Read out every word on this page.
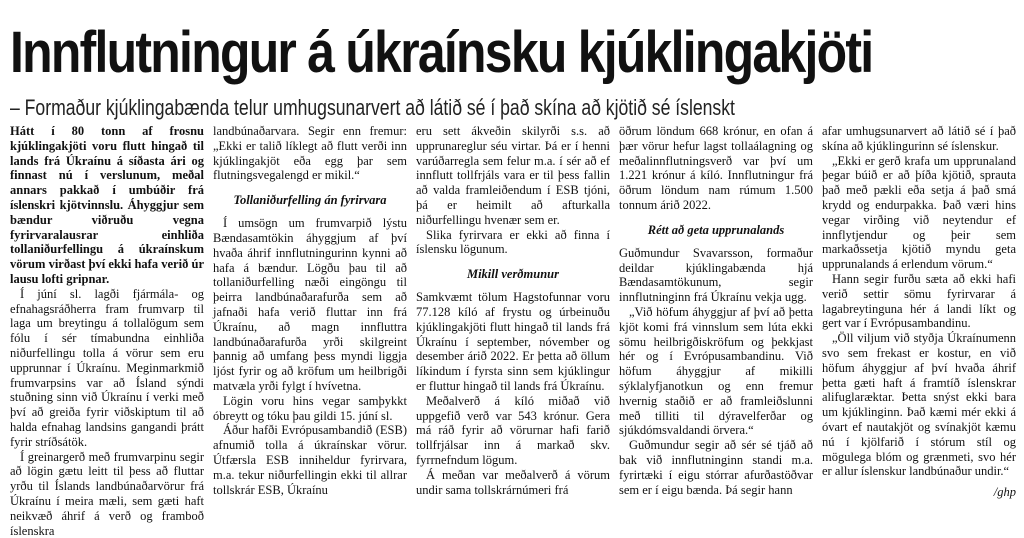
Innflutningur á úkraínsku kjúklingakjöti
– Formaður kjúklingabænda telur umhugsunarvert að látið sé í það skína að kjötið sé íslenskt

Hátt í 80 tonn af frosnu kjúklingakjöti voru flutt hingað til lands frá Úkraínu á síðasta ári og finnast nú í verslunum, meðal annars pakkað í umbúðir frá íslenskri kjötvinnslu. Áhyggjur sem bændur viðruðu vegna fyrirvaralausrar einhliða tollaniðurfellingu á úkraínskum vörum virðast því ekki hafa verið úr lausu lofti gripnar.

Í júní sl. lagði fjármála- og efnahagsráðherra fram frumvarp til laga um breytingu á tollalögum sem fólu í sér tímabundna einhliða niðurfellingu tolla á vörur sem eru upprunnar í Úkraínu. Meginmarkmið frumvarpsins var að Ísland sýndi stuðning sinn við Úkraínu í verki með því að greiða fyrir viðskiptum til að halda efnahag landsins gangandi þrátt fyrir stríðsátök.

Í greinargerð með frumvarpinu segir að lögin gætu leitt til þess að fluttar yrðu til Íslands landbúnaðarvörur frá Úkraínu í meira mæli, sem gæti haft neikvæð áhrif á verð og framboð íslenskra

landbúnaðarvara. Segir enn fremur: „Ekki er talið líklegt að flutt verði inn kjúklingakjöt eða egg þar sem flutningsvegalengd er mikil.“

Tollaniðurfelling án fyrirvara

Í umsögn um frumvarpið lýstu Bændasamtökin áhyggjum af því hvaða áhrif innflutningurinn kynni að hafa á bændur. Lögðu þau til að tollaniðurfelling næði eingöngu til þeirra landbúnaðarafurða sem að jafnaði hafa verið fluttar inn frá Úkraínu, að magn innfluttra landbúnaðarafurða yrði skilgreint þannig að umfang þess myndi liggja ljóst fyrir og að kröfum um heilbrigði matvæla yrði fylgt í hvívetna.

Lögin voru hins vegar samþykkt óbreytt og tóku þau gildi 15. júní sl.

Áður hafði Evrópusambandið (ESB) afnumið tolla á úkraínskar vörur. Útfærsla ESB inniheldur fyrirvara, m.a. tekur niðurfellingin ekki til allrar tollskrár ESB, Úkraínu

eru sett ákveðin skilyrði s.s. að upprunareglur séu virtar. Þá er í henni varúðarregla sem felur m.a. í sér að ef innflutt tollfrjáls vara er til þess fallin að valda framleiðendum í ESB tjóni, þá er heimilt að afturkalla niðurfellingu hvenær sem er.

Slika fyrirvara er ekki að finna í íslensku lögunum.

Mikill verðmunur

Samkvæmt tölum Hagstofunnar voru 77.128 kíló af frystu og úrbeinuðu kjúklingakjöti flutt hingað til lands frá Úkraínu í september, nóvember og desember árið 2022. Er þetta að öllum líkindum í fyrsta sinn sem kjúklingur er fluttur hingað til lands frá Úkraínu.

Meðalverð á kíló miðað við uppgefið verð var 543 krónur. Gera má ráð fyrir að vörurnar hafi farið tollfrjálsar inn á markað skv. fyrrnefndum lögum.

Á meðan var meðalverð á vörum undir sama tollskrárnúmeri frá

öðrum löndum 668 krónur, en ofan á þær vörur hefur lagst tollaálagning og meðalinnflutningsverð var því um 1.221 krónur á kíló. Innflutningur frá öðrum löndum nam rúmum 1.500 tonnum árið 2022.

Rétt að geta upprunalands

Guðmundur Svavarsson, formaður deildar kjúklingabænda hjá Bændasamtökunum, segir innflutninginn frá Úkraínu vekja ugg.

„Við höfum áhyggjur af því að þetta kjöt komi frá vinnslum sem lúta ekki sömu heilbrigðiskröfum og þekkjast hér og í Evrópusambandinu. Við höfum áhyggjur af mikilli sýklalyfjanotkun og enn fremur hvernig staðið er að framleiðslunni með tilliti til dýravelferðar og sjúkdómsvaldandi örvera.“

Guðmundur segir að sér sé tjáð að bak við innflutninginn standi m.a. fyrirtæki í eigu stórrar afurðastöðvar sem er í eigu bænda. Þá segir hann

afar umhugsunarvert að látið sé í það skína að kjúklingurinn sé íslenskur.

„Ekki er gerð krafa um upprunaland þegar búið er að þíða kjötið, sprauta það með pækli eða setja á það smá krydd og endurpakka. Það væri hins vegar virðing við neytendur ef innflytjendur og þeir sem markaðssetja kjötið myndu geta upprunalands á erlendum vörum.“

Hann segir furðu sæta að ekki hafi verið settir sömu fyrirvarar á lagabreytinguna hér á landi líkt og gert var í Evrópusambandinu.

„Öll viljum við styðja Úkraínumenn svo sem frekast er kostur, en við höfum áhyggjur af því hvaða áhrif þetta gæti haft á framtíð íslenskrar alifuglaræktar. Þetta snýst ekki bara um kjúklinginn. Það kæmi mér ekki á óvart ef nautakjöt og svínakjöt kæmu nú í kjölfarið í stórum stíl og mögulega blóm og grænmeti, svo hér er allur íslenskur landbúnaður undir.“

/ghp
